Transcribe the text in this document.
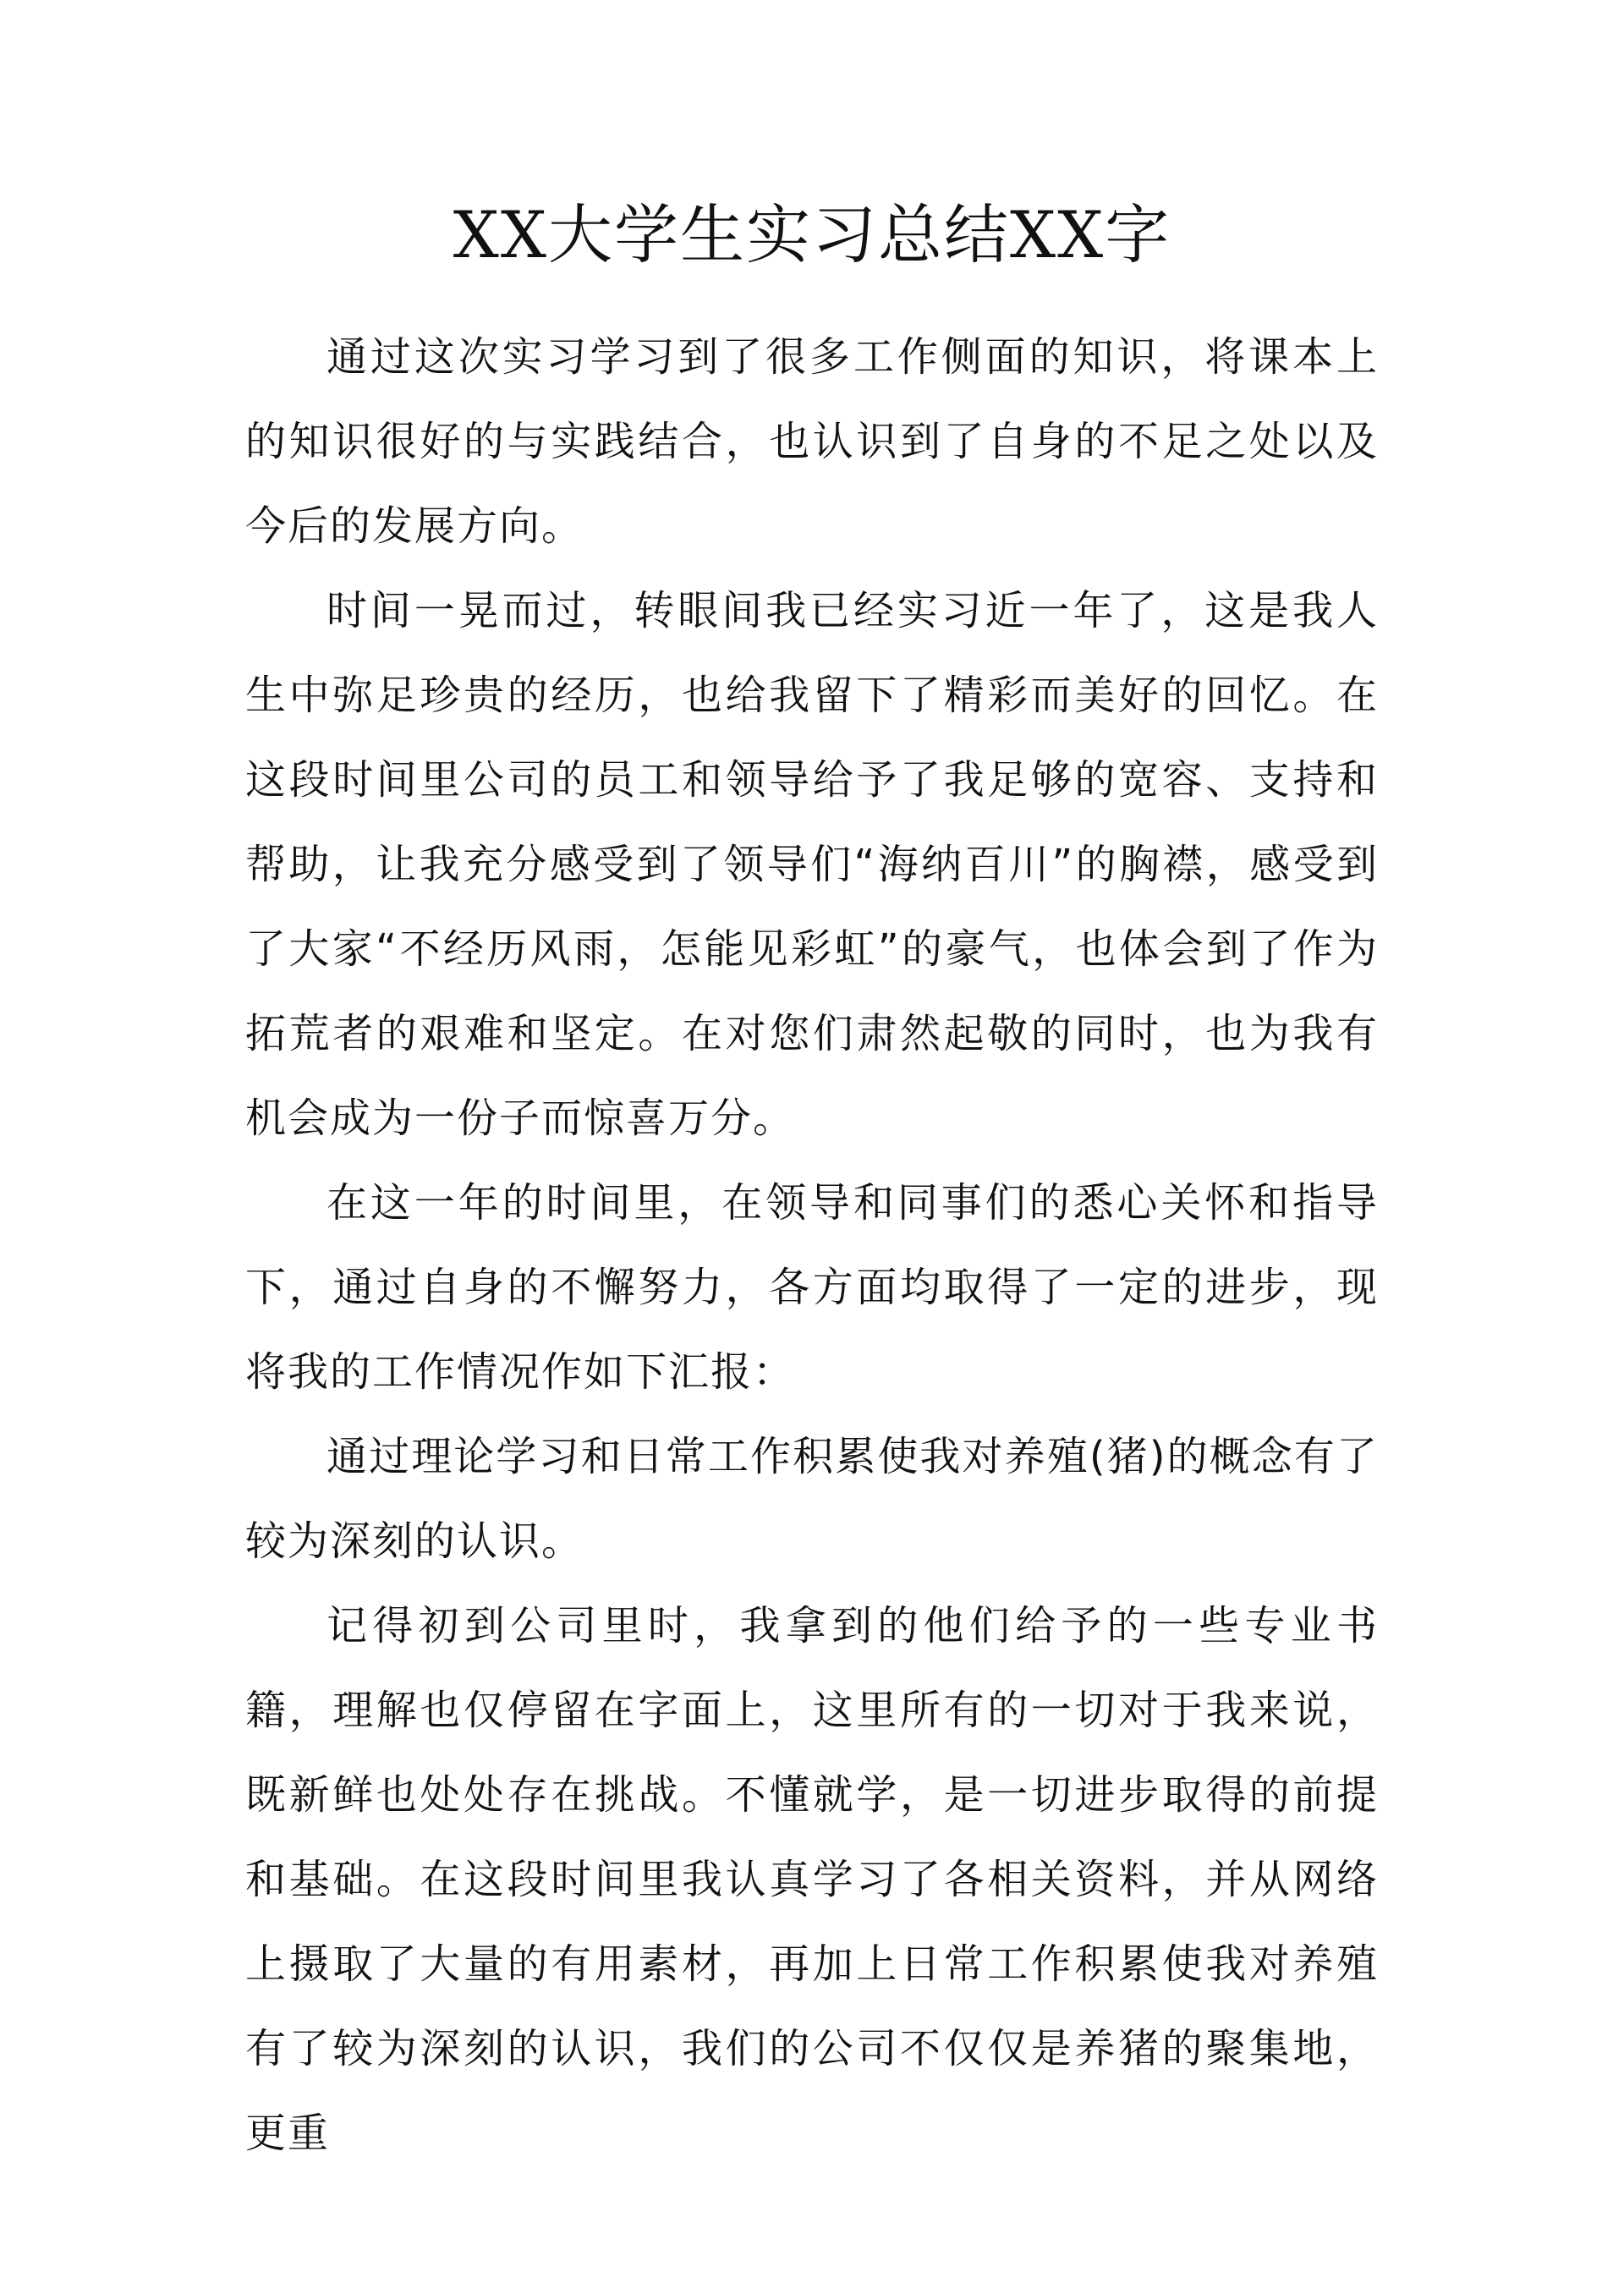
XX大学生实习总结XX字

通过这次实习学习到了很多工作侧面的知识，将课本上的知识很好的与实践结合，也认识到了自身的不足之处以及今后的发展方向。

时间一晃而过，转眼间我已经实习近一年了，这是我人生中弥足珍贵的经历，也给我留下了精彩而美好的回忆。在这段时间里公司的员工和领导给予了我足够的宽容、支持和帮助，让我充分感受到了领导们“海纳百川”的胸襟，感受到了大家“不经历风雨，怎能见彩虹”的豪气，也体会到了作为拓荒者的艰难和坚定。在对您们肃然起敬的同时，也为我有机会成为一份子而惊喜万分。

在这一年的时间里，在领导和同事们的悉心关怀和指导下，通过自身的不懈努力，各方面均取得了一定的进步，现将我的工作情况作如下汇报：

通过理论学习和日常工作积累使我对养殖(猪)的概念有了较为深刻的认识。

记得初到公司里时，我拿到的他们给予的一些专业书籍，理解也仅停留在字面上，这里所有的一切对于我来说，既新鲜也处处存在挑战。不懂就学，是一切进步取得的前提和基础。在这段时间里我认真学习了各相关资料，并从网络上摄取了大量的有用素材，再加上日常工作积累使我对养殖有了较为深刻的认识，我们的公司不仅仅是养猪的聚集地，更重
